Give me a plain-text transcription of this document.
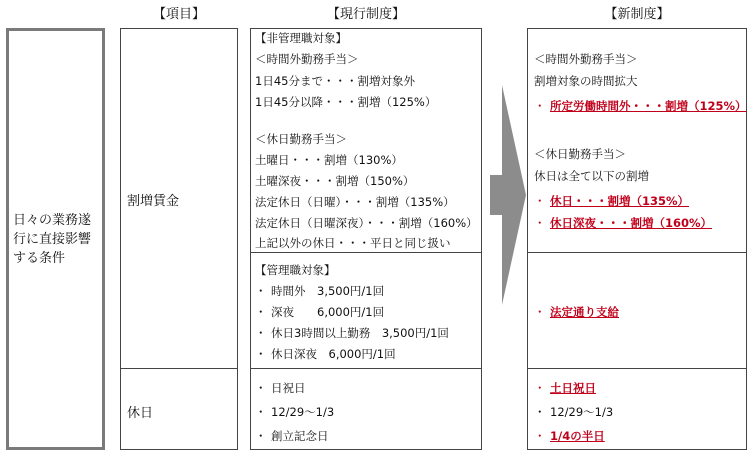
【項目】	【現行制度】	【新制度】
日々の業務遂行に直接影響する条件
割増賃金
休日
【非管理職対象】
＜時間外勤務手当＞
1日45分まで・・・割増対象外
1日45分以降・・・割増（125%）
＜休日勤務手当＞
土曜日・・・割増（130%）
土曜深夜・・・割増（150%）
法定休日（日曜）・・・割増（135%）
法定休日（日曜深夜）・・・割増（160%）
上記以外の休日・・・平日と同じ扱い
【管理職対象】
・ 時間外　3,500円/1回
・ 深夜　　6,000円/1回
・ 休日3時間以上勤務　3,500円/1回
・ 休日深夜　6,000円/1回
・ 日祝日
・ 12/29～1/3
・ 創立記念日
＜時間外勤務手当＞
割増対象の時間拡大
・ 所定労働時間外・・・割増（125%）
＜休日勤務手当＞
休日は全て以下の割増
・ 休日・・・割増（135%）
・ 休日深夜・・・割増（160%）
・ 法定通り支給
・ 土日祝日
・ 12/29～1/3
・ 1/4の半日
